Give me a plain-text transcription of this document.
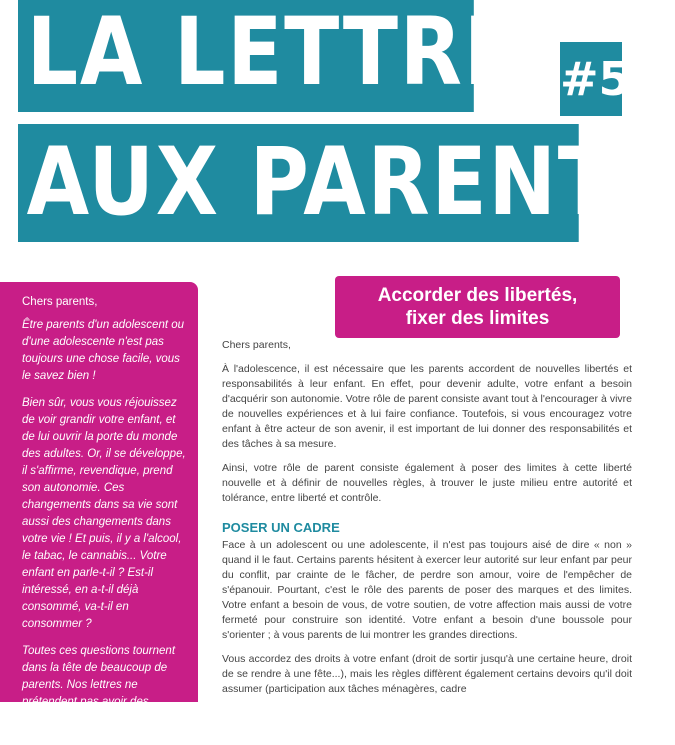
LA LETTRE #5
AUX PARENTS
Accorder des libertés,
fixer des limites

Chers parents,

Être parents d'un adolescent ou d'une adolescente n'est pas toujours une chose facile, vous le savez bien !

Bien sûr, vous vous réjouissez de voir grandir votre enfant, et de lui ouvrir la porte du monde des adultes. Or, il se développe, il s'affirme, revendique, prend son autonomie. Ces changements dans sa vie sont aussi des changements dans votre vie ! Et puis, il y a l'alcool, le tabac, le cannabis... Votre enfant en parle-t-il ? Est-il intéressé, en a-t-il déjà consommé, va-t-il en consommer ?

Toutes ces questions tournent dans la tête de beaucoup de parents. Nos lettres ne prétendent pas avoir des réponses toutes faites à vos préoccupations,

Chers parents,

À l'adolescence, il est nécessaire que les parents accordent de nouvelles libertés et responsabilités à leur enfant. En effet, pour devenir adulte, votre enfant a besoin d'acquérir son autonomie. Votre rôle de parent consiste avant tout à l'encourager à vivre de nouvelles expériences et à lui faire confiance. Toutefois, si vous encouragez votre enfant à être acteur de son avenir, il est important de lui donner des responsabilités et des tâches à sa mesure.

Ainsi, votre rôle de parent consiste également à poser des limites à cette liberté nouvelle et à définir de nouvelles règles, à trouver le juste milieu entre autorité et tolérance, entre liberté et contrôle.

POSER UN CADRE

Face à un adolescent ou une adolescente, il n'est pas toujours aisé de dire « non » quand il le faut. Certains parents hésitent à exercer leur autorité sur leur enfant par peur du conflit, par crainte de le fâcher, de perdre son amour, voire de l'empêcher de s'épanouir. Pourtant, c'est le rôle des parents de poser des marques et des limites. Votre enfant a besoin de vous, de votre soutien, de votre affection mais aussi de votre fermeté pour construire son identité. Votre enfant a besoin d'une boussole pour s'orienter ; à vous parents de lui montrer les grandes directions.

Vous accordez des droits à votre enfant (droit de sortir jusqu'à une certaine heure, droit de se rendre à une fête...), mais les règles diffèrent également certains devoirs qu'il doit assumer (participation aux tâches ménagères, cadre
